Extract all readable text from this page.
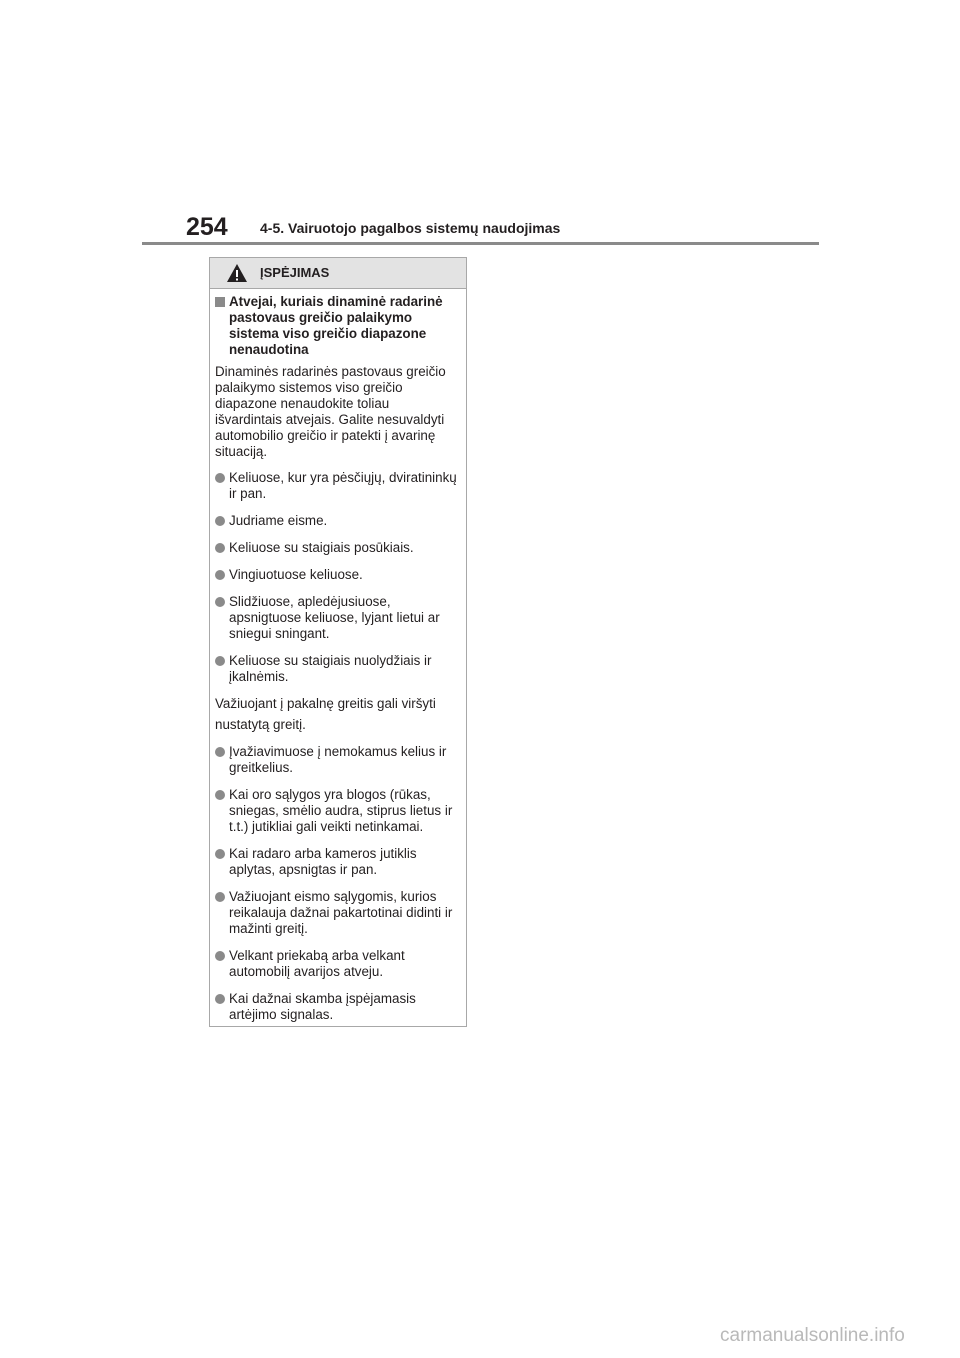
254 4-5. Vairuotojo pagalbos sistemų naudojimas
ĮSPĖJIMAS
Atvejai, kuriais dinaminė radarinė pastovaus greičio palaikymo sistema viso greičio diapazone nenaudotina
Dinaminės radarinės pastovaus greičio palaikymo sistemos viso greičio diapazone nenaudokite toliau išvardintais atvejais. Galite nesuvaldyti automobilio greičio ir patekti į avarinę situaciją.
Keliuose, kur yra pėsčiųjų, dviratininkų ir pan.
Judriame eisme.
Keliuose su staigiais posūkiais.
Vingiuotuose keliuose.
Slidžiuose, apledėjusiuose, apsnigtuose keliuose, lyjant lietui ar sniegui sningant.
Keliuose su staigiais nuolydžiais ir įkalnėmis.
Važiuojant į pakalnę greitis gali viršyti nustatytą greitį.
Įvažiavimuose į nemokamus kelius ir greitkelius.
Kai oro sąlygos yra blogos (rūkas, sniegas, smėlio audra, stiprus lietus ir t.t.) jutikliai gali veikti netinkamai.
Kai radaro arba kameros jutiklis aplytas, apsnigtas ir pan.
Važiuojant eismo sąlygomis, kurios reikalauja dažnai pakartotinai didinti ir mažinti greitį.
Velkant priekabą arba velkant automobilį avarijos atveju.
Kai dažnai skamba įspėjamasis artėjimo signalas.
carmanualsonline.info
